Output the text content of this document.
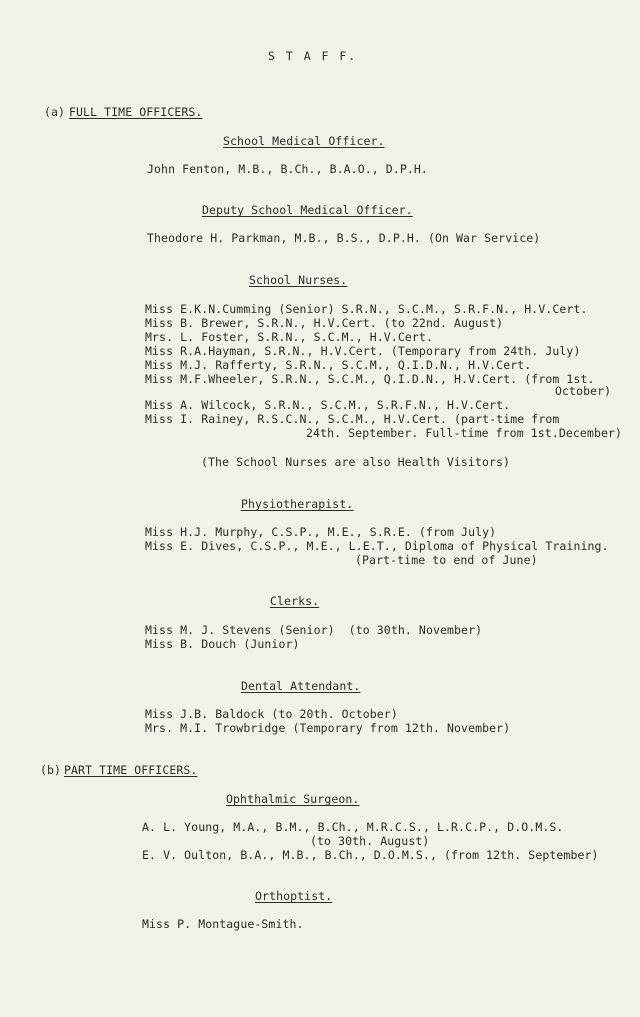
S T A F F.
(a) FULL TIME OFFICERS.
School Medical Officer.
John Fenton, M.B., B.Ch., B.A.O., D.P.H.
Deputy School Medical Officer.
Theodore H. Parkman, M.B., B.S., D.P.H. (On War Service)
School Nurses.
Miss E.K.N.Cumming (Senior) S.R.N., S.C.M., S.R.F.N., H.V.Cert.
Miss B. Brewer, S.R.N., H.V.Cert. (to 22nd. August)
Mrs. L. Foster, S.R.N., S.C.M., H.V.Cert.
Miss R.A.Hayman, S.R.N., H.V.Cert. (Temporary from 24th. July)
Miss M.J. Rafferty, S.R.N., S.C.M., Q.I.D.N., H.V.Cert.
Miss M.F.Wheeler, S.R.N., S.C.M., Q.I.D.N., H.V.Cert. (from 1st.
October)
Miss A. Wilcock, S.R.N., S.C.M., S.R.F.N., H.V.Cert.
Miss I. Rainey, R.S.C.N., S.C.M., H.V.Cert. (part-time from
24th. September. Full-time from 1st.December)
(The School Nurses are also Health Visitors)
Physiotherapist.
Miss H.J. Murphy, C.S.P., M.E., S.R.E. (from July)
Miss E. Dives, C.S.P., M.E., L.E.T., Diploma of Physical Training.
(Part-time to end of June)
Clerks.
Miss M. J. Stevens (Senior)  (to 30th. November)
Miss B. Douch (Junior)
Dental Attendant.
Miss J.B. Baldock (to 20th. October)
Mrs. M.I. Trowbridge (Temporary from 12th. November)
(b) PART TIME OFFICERS.
Ophthalmic Surgeon.
A. L. Young, M.A., B.M., B.Ch., M.R.C.S., L.R.C.P., D.O.M.S.
(to 30th. August)
E. V. Oulton, B.A., M.B., B.Ch., D.O.M.S., (from 12th. September)
Orthoptist.
Miss P. Montague-Smith.
